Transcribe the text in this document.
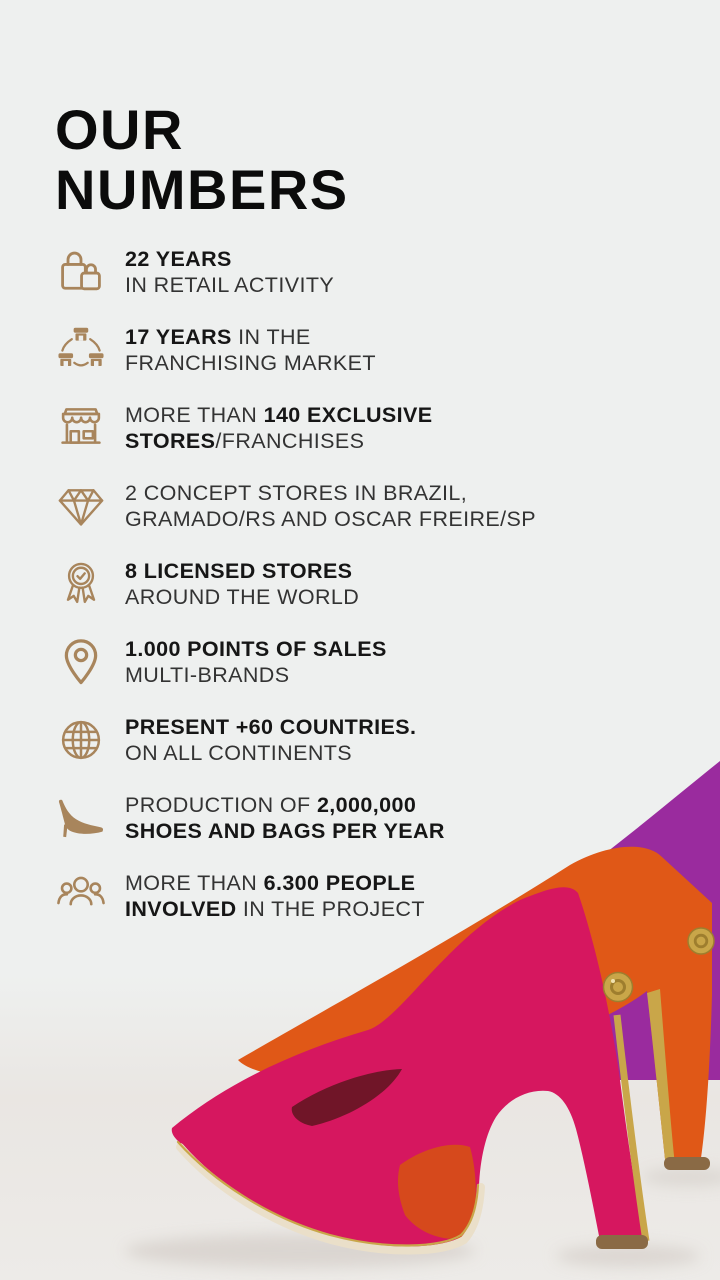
OUR
NUMBERS
22 YEARS
IN RETAIL ACTIVITY
17 YEARS IN THE
FRANCHISING MARKET
MORE THAN 140 EXCLUSIVE
STORES/FRANCHISES
2 CONCEPT STORES IN BRAZIL,
GRAMADO/RS AND OSCAR FREIRE/SP
8 LICENSED STORES
AROUND THE WORLD
1.000 POINTS OF SALES
MULTI-BRANDS
PRESENT +60 COUNTRIES.
ON ALL CONTINENTS
PRODUCTION OF 2,000,000
SHOES AND BAGS PER YEAR
MORE THAN 6.300 PEOPLE
INVOLVED IN THE PROJECT
